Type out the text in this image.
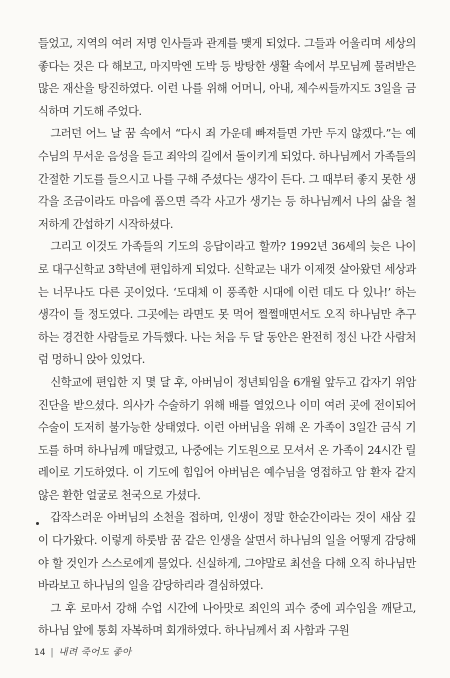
들었고, 지역의 여러 저명 인사들과 관계를 맺게 되었다. 그들과 어울리며 세상의 좋다는 것은 다 해보고, 마지막엔 도박 등 방탕한 생활 속에서 부모님께 물려받은 많은 재산을 탕진하였다. 이런 나를 위해 어머니, 아내, 제수씨들까지도 3일을 금식하며 기도해 주었다.

그러던 어느 날 꿈 속에서 “다시 죄 가운데 빠져들면 가만 두지 않겠다.”는 예수님의 무서운 음성을 듣고 죄악의 길에서 돌이키게 되었다. 하나님께서 가족들의 간절한 기도를 들으시고 나를 구해 주셨다는 생각이 든다. 그 때부터 좋지 못한 생각을 조금이라도 마음에 품으면 즉각 사고가 생기는 등 하나님께서 나의 삶을 철저하게 간섭하기 시작하셨다.

그리고 이것도 가족들의 기도의 응답이라고 할까? 1992년 36세의 늦은 나이로 대구신학교 3학년에 편입하게 되었다. 신학교는 내가 이제껏 살아왔던 세상과는 너무나도 다른 곳이었다. ‘도대체 이 풍족한 시대에 이런 데도 다 있나!’ 하는 생각이 들 정도였다. 그곳에는 라면도 못 먹어 쩔쩔매면서도 오직 하나님만 추구하는 경건한 사람들로 가득했다. 나는 처음 두 달 동안은 완전히 정신 나간 사람처럼 멍하니 앉아 있었다.

신학교에 편입한 지 몇 달 후, 아버님이 정년퇴임을 6개월 앞두고 갑자기 위암 진단을 받으셨다. 의사가 수술하기 위해 배를 열었으나 이미 여러 곳에 전이되어 수술이 도저히 불가능한 상태였다. 이런 아버님을 위해 온 가족이 3일간 금식 기도를 하며 하나님께 매달렸고, 나중에는 기도원으로 모셔서 온 가족이 24시간 릴레이로 기도하였다. 이 기도에 힘입어 아버님은 예수님을 영접하고 암 환자 같지 않은 환한 얼굴로 천국으로 가셨다.

갑작스러운 아버님의 소천을 접하며, 인생이 정말 한순간이라는 것이 새삼 깊이 다가왔다. 이렇게 하룻밤 꿈 같은 인생을 살면서 하나님의 일을 어떻게 감당해야 할 것인가 스스로에게 물었다. 신실하게, 그야말로 최선을 다해 오직 하나님만 바라보고 하나님의 일을 감당하리라 결심하였다.

그 후 로마서 강해 수업 시간에 나아맛로 죄인의 괴수 중에 괴수임을 깨닫고, 하나님 앞에 통회 자복하며 회개하였다. 하나님께서 죄 사함과 구원

14 | 내려 죽어도 좋아
